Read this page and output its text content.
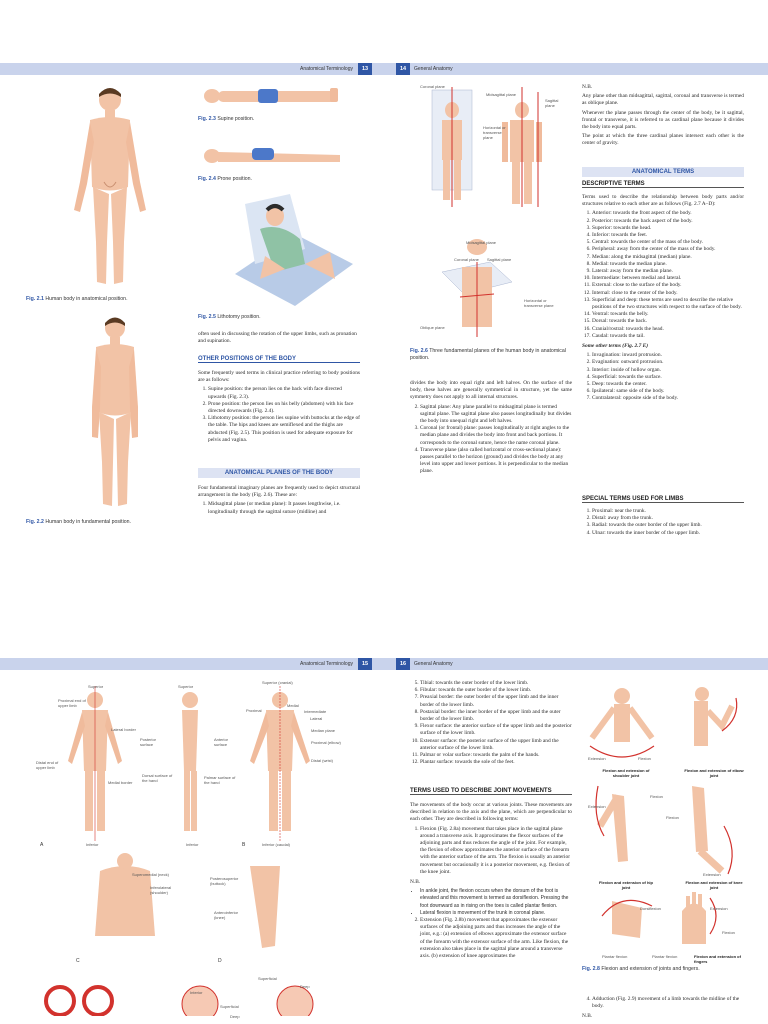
Anatomical Terminology	13	14	General Anatomy
Fig. 2.1 Human body in anatomical position.
Fig. 2.2 Human body in fundamental position.
Fig. 2.3 Supine position.
Fig. 2.4 Prone position.
Fig. 2.5 Lithotomy position.
often used in discussing the rotation of the upper limbs, such as pronation and supination.
OTHER POSITIONS OF THE BODY

Some frequently used terms in clinical practice referring to body positions are as follows:

1. Supine position: the person lies on the back with face directed upwards (Fig. 2.3).
2. Prone position: the person lies on his belly (abdomen) with his face directed downwards (Fig. 2.4).
3. Lithotomy position: the person lies supine with buttocks at the edge of the table. The hips and knees are semiflexed and the thighs are abducted (Fig. 2.5). This position is used for adequate exposure for pelvis and vagina.
ANATOMICAL PLANES OF THE BODY

Four fundamental imaginary planes are frequently used to depict structural arrangement in the body (Fig. 2.6). These are:

1. Midsagittal plane (or median plane): It passes lengthwise, i.e. longitudinally through the sagittal suture (midline) and
Coronal plane
Midsagittal plane
Sagittal plane
Horizontal or transverse plane
Midsagittal plane
Coronal plane Sagittal plane
Horizontal or transverse plane
Oblique plane
Fig. 2.6 Three fundamental planes of the human body in anatomical position.

divides the body into equal right and left halves. On the surface of the body, these halves are generally symmetrical in structure, yet the same symmetry does not apply to all internal structures.

2. Sagittal plane: Any plane parallel to midsagittal plane is termed sagittal plane. The sagittal plane also passes longitudinally but divides the body into unequal right and left halves.
3. Coronal (or frontal) plane: passes longitudinally at right angles to the median plane and divides the body into front and back portions. It corresponds to the coronal suture, hence the name coronal plane.
4. Transverse plane (also called horizontal or cross-sectional plane): passes parallel to the horizon (ground) and divides the body at any level into upper and lower portions. It is perpendicular to the median plane.

N.B.

Any plane other than midsagittal, sagittal, coronal and transverse is termed as oblique plane.

Whenever the plane passes through the center of the body, be it sagittal, frontal or transverse, it is referred to as cardinal plane because it divides the body into equal parts.

The point at which the three cardinal planes intersect each other is the center of gravity.

ANATOMICAL TERMS
DESCRIPTIVE TERMS

Terms used to describe the relationship between body parts and/or structures relative to each other are as follows (Fig. 2.7 A–D):

1. Anterior: towards the front aspect of the body.
2. Posterior: towards the back aspect of the body.
3. Superior: towards the head.
4. Inferior: towards the feet.
5. Central: towards the center of the mass of the body.
6. Peripheral: away from the center of the mass of the body.
7. Median: along the midsagittal (median) plane.
8. Medial: towards the median plane.
9. Lateral: away from the median plane.
10. Intermediate: between medial and lateral.
11. External: close to the surface of the body.
12. Internal: close to the center of the body.
13. Superficial and deep: these terms are used to describe the relative positions of the two structures with respect to the surface of the body.
14. Ventral: towards the belly.
15. Dorsal: towards the back.
16. Cranial/rostral: towards the head.
17. Caudal: towards the tail.

Some other terms (Fig. 2.7 E)

1. Invagination: inward protrusion.
2. Evagination: outward protrusion.
3. Interior: inside of hollow organ.
4. Superficial: towards the surface.
5. Deep: towards the center.
6. Ipsilateral: same side of the body.
7. Contralateral: opposite side of the body.
SPECIAL TERMS USED FOR LIMBS
1. Proximal: near the trunk.
2. Distal: away from the trunk.
3. Radial: towards the outer border of the upper limb.
4. Ulnar: towards the inner border of the upper limb.
Anatomical Terminology	15	16	General Anatomy
Superior	Superior
Superior (cranial)
Proximal end of upper limb
Proximal
Lateral border
Posterior surface
Anterior surface
Medial
Intermediate
Lateral
Median plane
Proximal (elbow)
Distal (wrist)
Distal end of upper limb
Medial border
Dorsal surface of the hand
Palmar surface of the hand
Inferior	Inferior	Inferior (caudal)
A	B
Superomedial (neck)
Inferolateral (shoulder)
Posterosuperior (buttock)
Anteroinferior (knee)
C	D
Superficial
Deep
Superficial
Deep
Interior
5. Tibial: towards the outer border of the lower limb.
6. Fibular: towards the outer border of the lower limb.
7. Preaxial border: the outer border of the upper limb and the inner border of the lower limb.
8. Postaxial border: the inner border of the upper limb and the outer border of the lower limb.
9. Flexor surface: the anterior surface of the upper limb and the posterior surface of the lower limb.
10. Extensor surface: the posterior surface of the upper limb and the anterior surface of the lower limb.
11. Palmar or volar surface: towards the palm of the hands.
12. Plantar surface: towards the sole of the feet.
TERMS USED TO DESCRIBE JOINT MOVEMENTS

The movements of the body occur at various joints. These movements are described in relation to the axis and the plane, which are perpendicular to each other. They are described in following terms:

1. Flexion (Fig. 2.8a) movement that takes place in the sagittal plane around a transverse axis. It approximates the flexor surfaces of the adjoining parts and thus reduces the angle of the joint. For example, the flexion of elbow approximates the anterior surface of the forearm with the anterior surface of the arm. The flexion is usually an anterior movement but occasionally it is a posterior movement, e.g. flexion of the knee joint.

N.B.

• In ankle joint, the flexion occurs when the dorsum of the foot is elevated and this movement is termed as dorsiflexion. Pressing the foot downward as in rising on the toes is called plantar flexion.
• Lateral flexion is movement of the trunk in coronal plane.
2. Extension (Fig. 2.8b) movement that approximates the extensor surfaces of the adjoining parts and thus increases the angle of the joint, e.g.: (a) extension of elbows approximate the extensor surface of the forearm with the extensor surface of the arm. Like flexion, the extension also takes place in the sagittal plane around a transverse axis. (b) extension of knee approximates the
Extension	Flexion
Flexion and extension of shoulder joint
Flexion and extension of elbow joint
Extension
Flexion
Flexion
Extension
Flexion and extension of hip joint
Flexion and extension of knee joint
Dorsiflexion
Plantar flexion
Extension
Flexion
Plantar flexion	Flexion and extension of fingers
Fig. 2.8 Flexion and extension of joints and fingers.
4. Adduction (Fig. 2.9) movement of a limb towards the midline of the body.

N.B.
